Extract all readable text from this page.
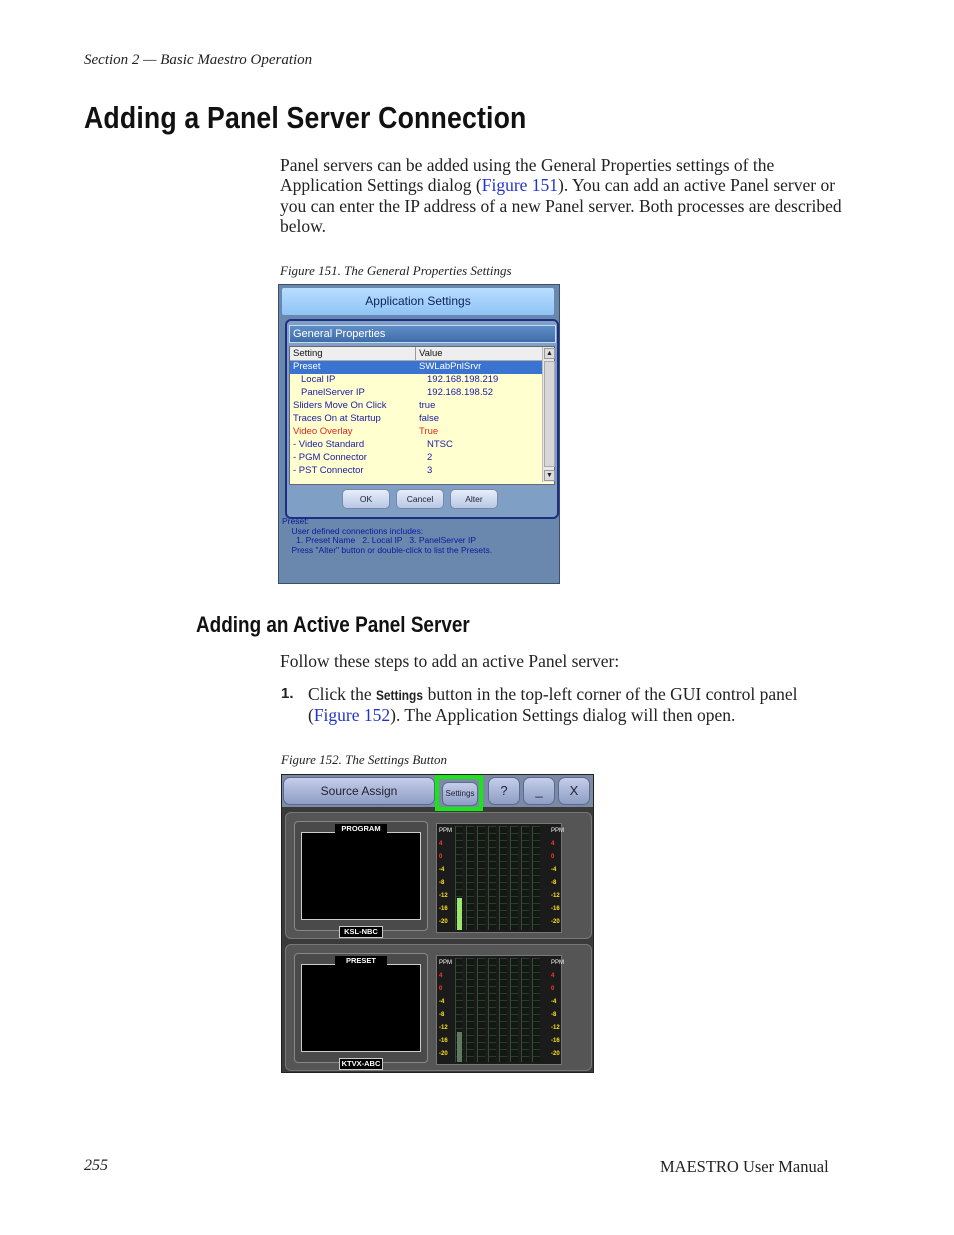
Section 2 — Basic Maestro Operation
Adding a Panel Server Connection
Panel servers can be added using the General Properties settings of the Application Settings dialog (Figure 151). You can add an active Panel server or you can enter the IP address of a new Panel server. Both processes are described below.
Figure 151. The General Properties Settings
Application Settings
General Properties
Setting	Value
Preset	SWLabPnlSrvr
Local IP	192.168.198.219
PanelServer IP	192.168.198.52
Sliders Move On Click	true
Traces On at Startup	false
Video Overlay	True
- Video Standard	NTSC
- PGM Connector	2
- PST Connector	3
▲
▼
OK	Cancel	Alter
Preset:
User defined connections includes:
1. Preset Name   2. Local IP   3. PanelServer IP
Press "Alter" button or double-click to list the Presets.
Adding an Active Panel Server
Follow these steps to add an active Panel server:
1. Click the Settings button in the top-left corner of the GUI control panel (Figure 152). The Application Settings dialog will then open.
Figure 152. The Settings Button
Source Assign	?	_	X
Settings
PROGRAM
KSL-NBC
PPM
4
0
-4
-8
-12
-16
-20
PPM
4
0
-4
-8
-12
-16
-20
PRESET
KTVX-ABC
PPM
4
0
-4
-8
-12
-16
-20
PPM
4
0
-4
-8
-12
-16
-20
255	MAESTRO User Manual
